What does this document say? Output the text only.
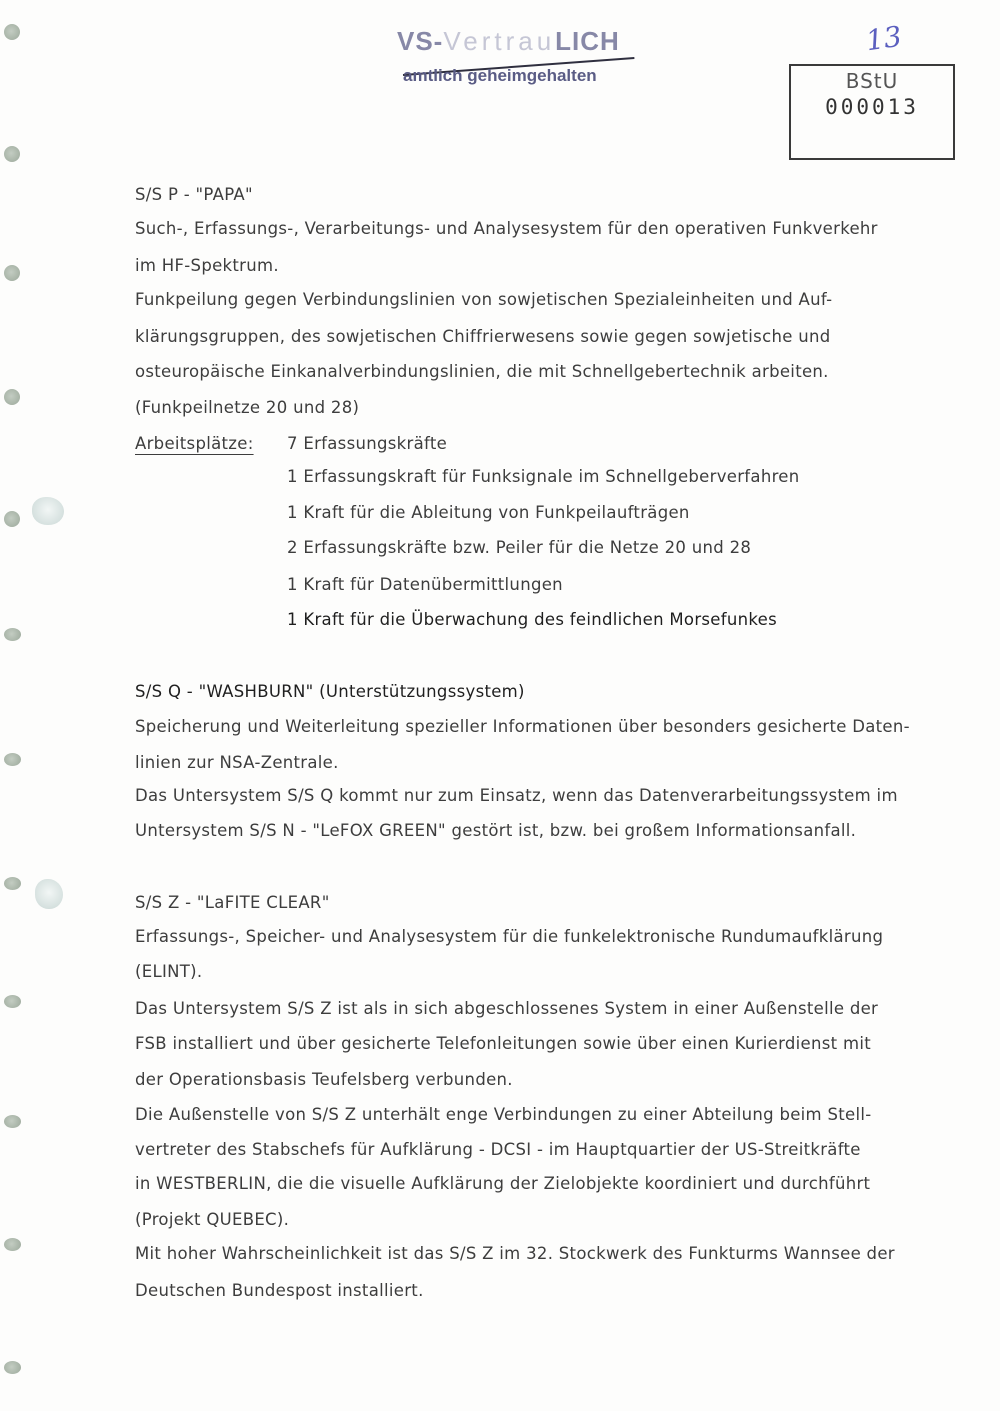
VS-VertrauLICH
amtlich geheimgehalten
13
BStU
000013
S/S P - "PAPA"
Such-, Erfassungs-, Verarbeitungs- und Analysesystem für den operativen Funkverkehr
im HF-Spektrum.
Funkpeilung gegen Verbindungslinien von sowjetischen Spezialeinheiten und Auf-
klärungsgruppen, des sowjetischen Chiffrierwesens sowie gegen sowjetische und
osteuropäische Einkanalverbindungslinien, die mit Schnellgebertechnik arbeiten.
(Funkpeilnetze 20 und 28)
Arbeitsplätze: 7 Erfassungskräfte
1 Erfassungskraft für Funksignale im Schnellgeberverfahren
1 Kraft für die Ableitung von Funkpeilaufträgen
2 Erfassungskräfte bzw. Peiler für die Netze 20 und 28
1 Kraft für Datenübermittlungen
1 Kraft für die Überwachung des feindlichen Morsefunkes
S/S Q - "WASHBURN" (Unterstützungssystem)
Speicherung und Weiterleitung spezieller Informationen über besonders gesicherte Daten-
linien zur NSA-Zentrale.
Das Untersystem S/S Q kommt nur zum Einsatz, wenn das Datenverarbeitungssystem im
Untersystem S/S N - "LeFOX GREEN" gestört ist, bzw. bei großem Informationsanfall.
S/S Z - "LaFITE CLEAR"
Erfassungs-, Speicher- und Analysesystem für die funkelektronische Rundumaufklärung
(ELINT).
Das Untersystem S/S Z ist als in sich abgeschlossenes System in einer Außenstelle der
FSB installiert und über gesicherte Telefonleitungen sowie über einen Kurierdienst mit
der Operationsbasis Teufelsberg verbunden.
Die Außenstelle von S/S Z unterhält enge Verbindungen zu einer Abteilung beim Stell-
vertreter des Stabschefs für Aufklärung - DCSI - im Hauptquartier der US-Streitkräfte
in WESTBERLIN, die die visuelle Aufklärung der Zielobjekte koordiniert und durchführt
(Projekt QUEBEC).
Mit hoher Wahrscheinlichkeit ist das S/S Z im 32. Stockwerk des Funkturms Wannsee der
Deutschen Bundespost installiert.
